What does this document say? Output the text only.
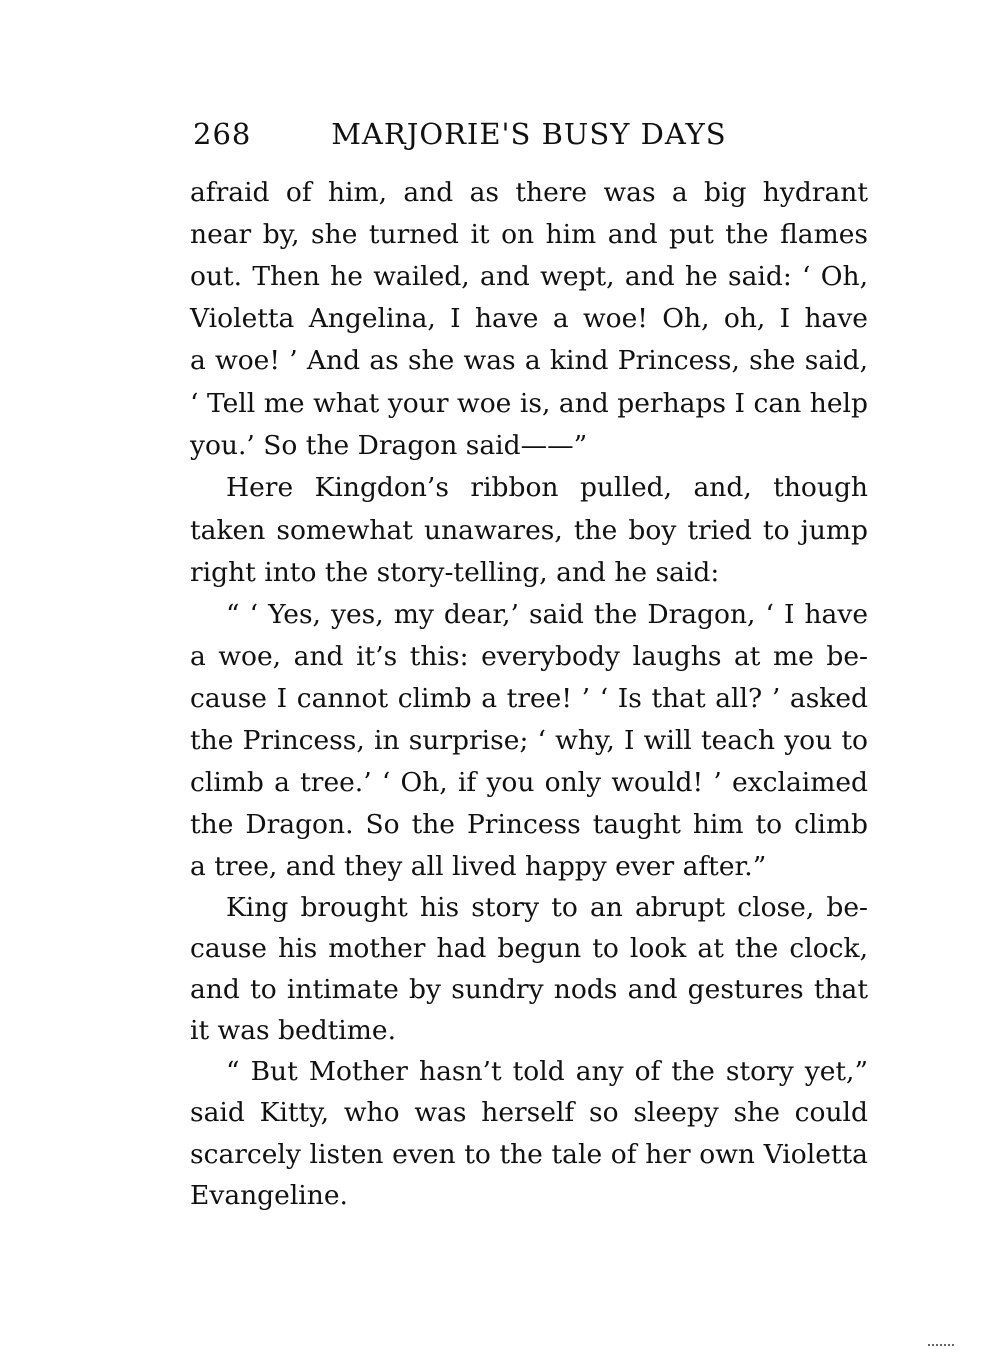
268	MARJORIE'S BUSY DAYS
afraid of him, and as there was a big hydrant
near by, she turned it on him and put the flames
out. Then he wailed, and wept, and he said: ‘ Oh,
Violetta Angelina, I have a woe! Oh, oh, I have
a woe! ’ And as she was a kind Princess, she said,
‘ Tell me what your woe is, and perhaps I can help
you.’ So the Dragon said——”
Here Kingdon’s ribbon pulled, and, though
taken somewhat unawares, the boy tried to jump
right into the story-telling, and he said:
“ ‘ Yes, yes, my dear,’ said the Dragon, ‘ I have
a woe, and it’s this: everybody laughs at me be-
cause I cannot climb a tree! ’ ‘ Is that all? ’ asked
the Princess, in surprise; ‘ why, I will teach you to
climb a tree.’ ‘ Oh, if you only would! ’ exclaimed
the Dragon. So the Princess taught him to climb
a tree, and they all lived happy ever after.”
King brought his story to an abrupt close, be-
cause his mother had begun to look at the clock,
and to intimate by sundry nods and gestures that
it was bedtime.
“ But Mother hasn’t told any of the story yet,”
said Kitty, who was herself so sleepy she could
scarcely listen even to the tale of her own Violetta
Evangeline.
